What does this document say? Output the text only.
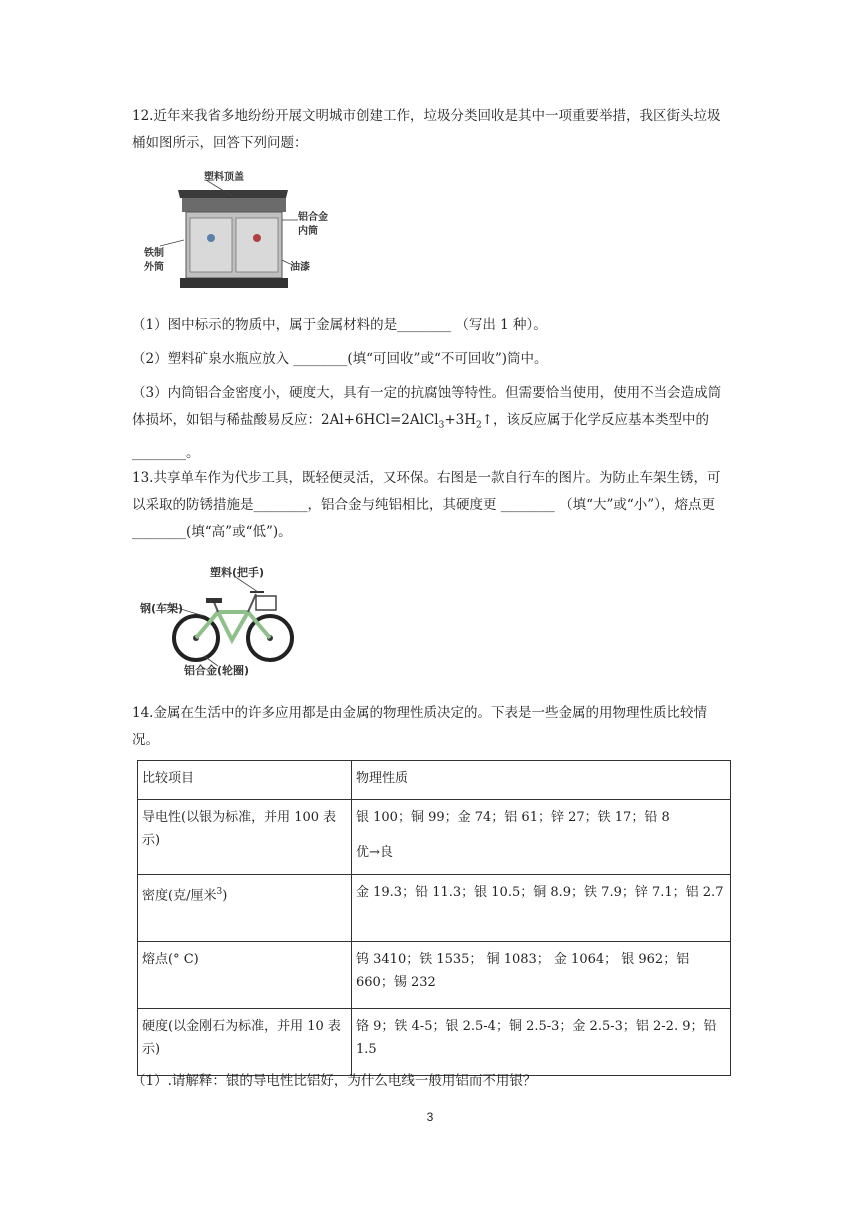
12.近年来我省多地纷纷开展文明城市创建工作，垃圾分类回收是其中一项重要举措，我区街头垃圾桶如图所示，回答下列问题：
塑料顶盖
铝合金
内筒
铁制
外筒	油漆
（1）图中标示的物质中，属于金属材料的是________ （写出 1 种）。
（2）塑料矿泉水瓶应放入 ________(填“可回收”或“不可回收”)筒中。
（3）内筒铝合金密度小，硬度大，具有一定的抗腐蚀等特性。但需要恰当使用，使用不当会造成筒体损坏，如铝与稀盐酸易反应：$2Al+6HCl=2AlCl_3+3H_2↑$，该反应属于化学反应基本类型中的________。
13.共享单车作为代步工具，既轻便灵活，又环保。右图是一款自行车的图片。为防止车架生锈，可以采取的防锈措施是________，铝合金与纯铝相比，其硬度更 ________ （填“大”或“小”），熔点更________(填“高”或“低”)。
塑料(把手)
钢(车架)
铝合金(轮圈)
14.金属在生活中的许多应用都是由金属的物理性质决定的。下表是一些金属的用物理性质比较情况。
比较项目	物理性质
导电性(以银为标准，并用 100 表示)	银 100；铜 99；金 74；铝 61；锌 27；铁 17；铅 8
优→良

密度(克/厘米$^3$)	金 19.3；铅 11.3；银 10.5；铜 8.9；铁 7.9；锌 7.1；铝 2.7
熔点(° C)	钨 3410；铁 1535； 铜 1083； 金 1064； 银 962；铝 660；锡 232
硬度(以金刚石为标准，并用 10 表示)	铬 9；铁 4-5；银 2.5-4；铜 2.5-3；金 2.5-3；铝 2-2. 9；铅 1.5
（1）.请解释：银的导电性比铝好，为什么电线一般用铝而不用银？
3
